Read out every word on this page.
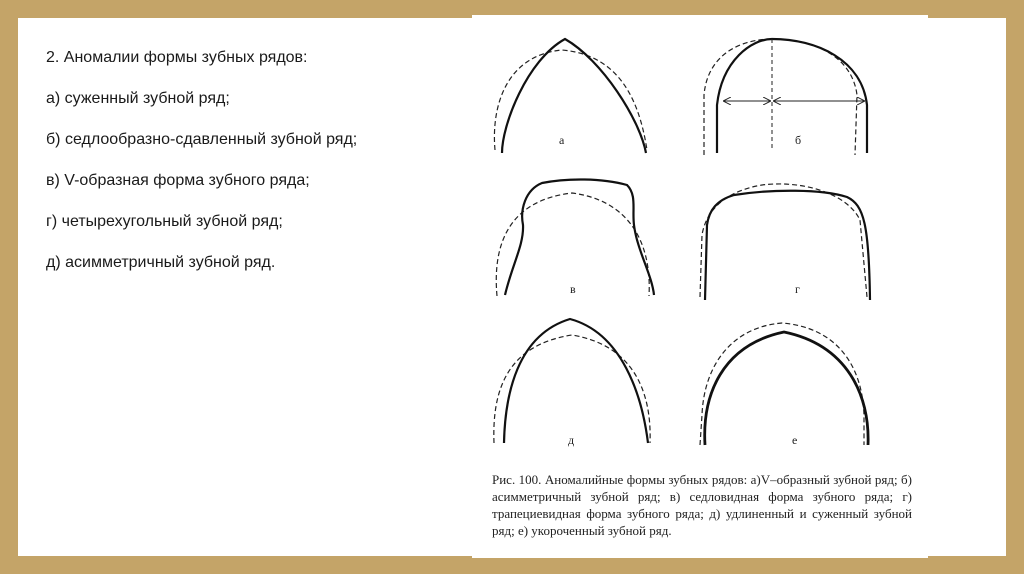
2. Аномалии формы зубных рядов:

а) суженный зубной ряд;

б) седлообразно-сдавленный зубной ряд;

в) V-образная форма зубного ряда;

г) четырехугольный зубной ряд;

д) асимметричный зубной ряд.

а	б
в	г
д	е

Рис. 100. Аномалийные формы зубных рядов: а)V–образный зубной ряд; б) асимметричный зубной ряд; в) седловидная форма зубного ряда; г) трапециевидная форма зубного ряда; д) удлиненный и суженный зубной ряд; е) укороченный зубной ряд.
